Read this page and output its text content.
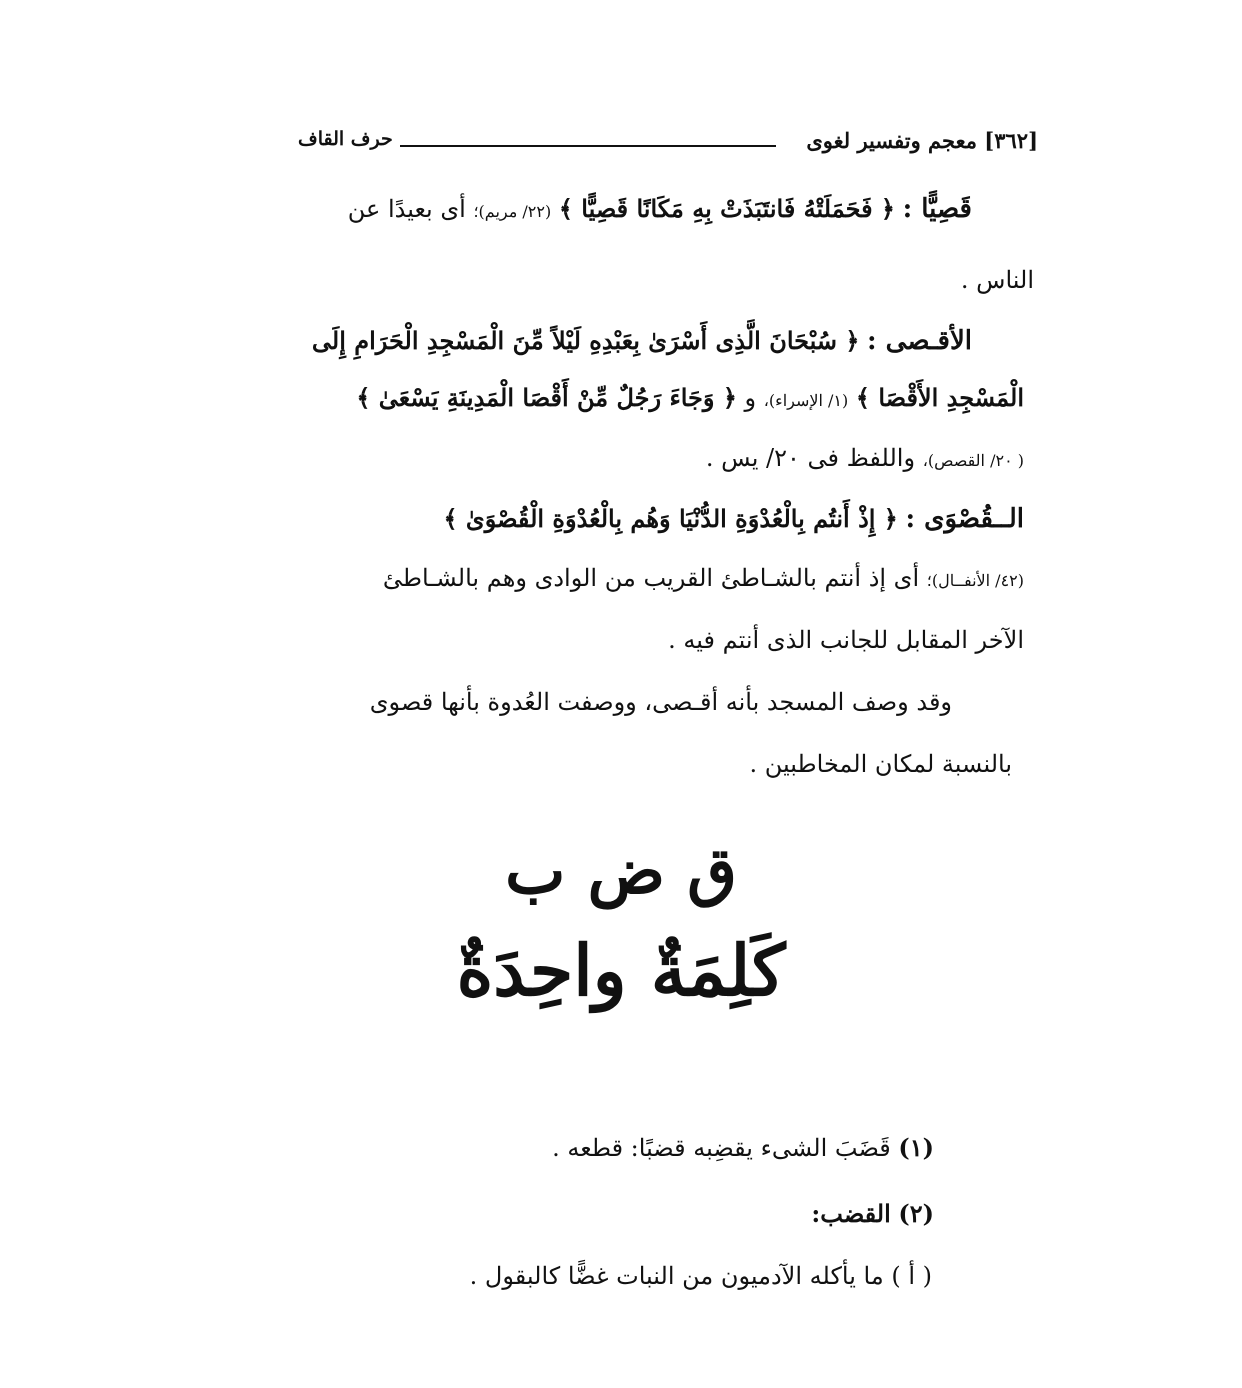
[٣٦٢] معجم وتفسير لغوى
حرف القاف
قَصِيًّا : ﴿ فَحَمَلَتْهُ فَانتَبَذَتْ بِهِ مَكَانًا قَصِيًّا ﴾ (٢٢/ مريم)؛ أى بعيدًا عن
الناس .
الأقـصى : ﴿ سُبْحَانَ الَّذِى أَسْرَىٰ بِعَبْدِهِ لَيْلاً مِّنَ الْمَسْجِدِ الْحَرَامِ إِلَى
الْمَسْجِدِ الأَقْصَا ﴾ (١/ الإسراء)، و ﴿ وَجَاءَ رَجُلٌ مِّنْ أَقْصَا الْمَدِينَةِ يَسْعَىٰ ﴾
( ٢٠/ القصص)، واللفظ فى ٢٠/ يس .
الــقُصْوَى : ﴿ إِذْ أَنتُم بِالْعُدْوَةِ الدُّنْيَا وَهُم بِالْعُدْوَةِ الْقُصْوَىٰ ﴾
(٤٢/ الأنفــال)؛ أى إذ أنتم بالشـاطئ القريب من الوادى وهم بالشـاطئ
الآخر المقابل للجانب الذى أنتم فيه .
وقد وصف المسجد بأنه أقـصى، ووصفت العُدوة بأنها قصوى
بالنسبة لمكان المخاطبين .
ق ض ب
كَلِمَةٌ واحِدَةٌ
(١) قَضَبَ الشىء يقضِبه قضبًا: قطعه .
(٢) القضب:
( أ ) ما يأكله الآدميون من النبات غضًّا كالبقول .
